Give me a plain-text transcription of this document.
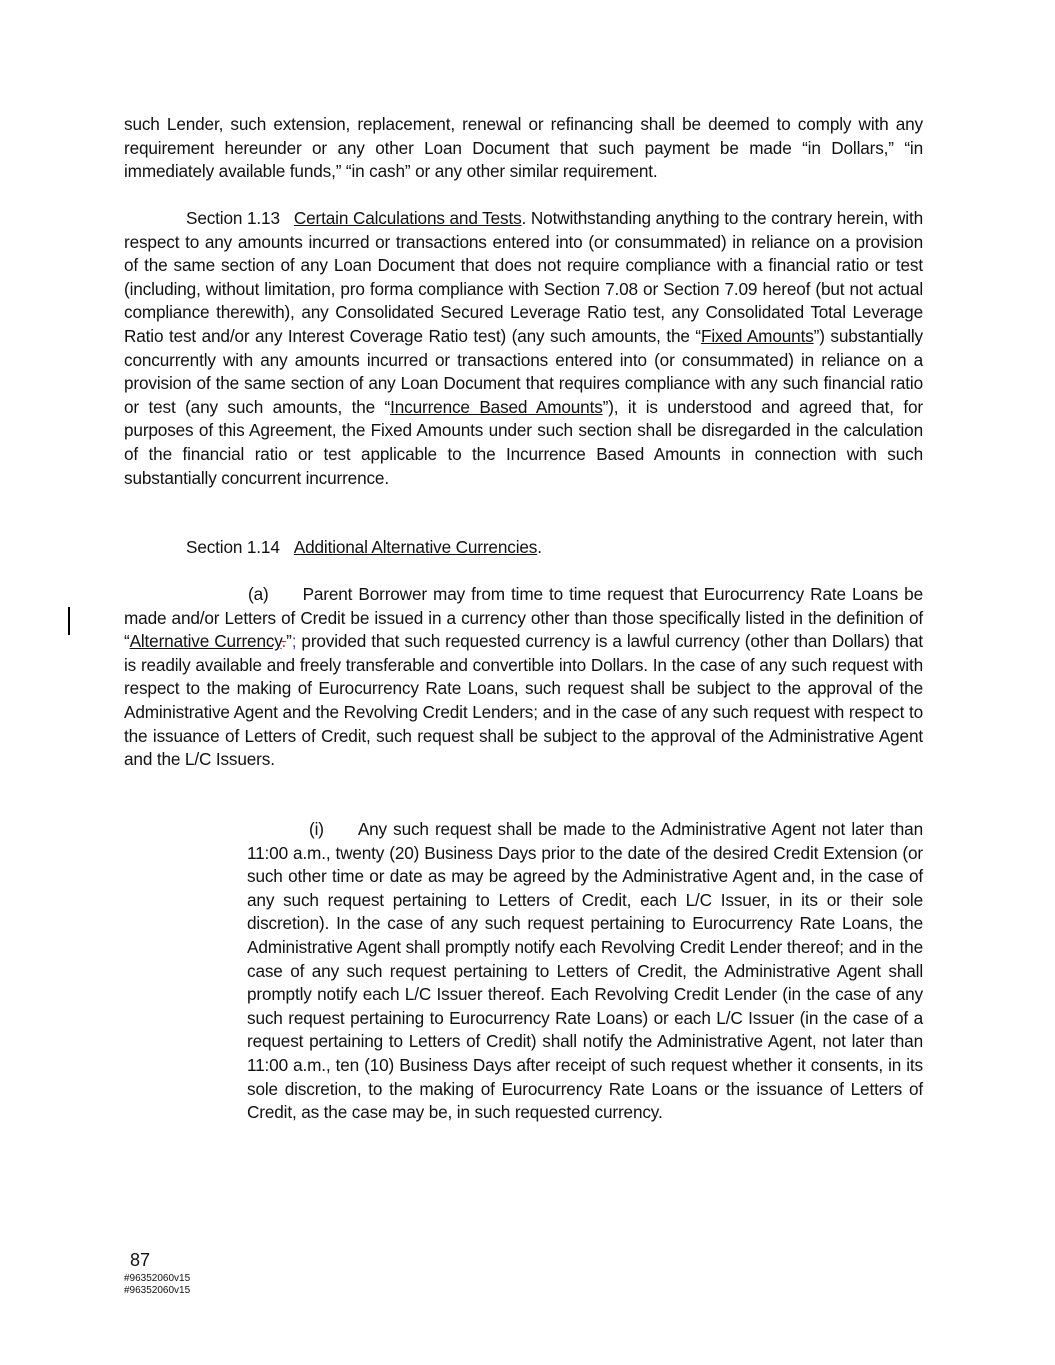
such Lender, such extension, replacement, renewal or refinancing shall be deemed to comply with any requirement hereunder or any other Loan Document that such payment be made “in Dollars,” “in immediately available funds,” “in cash” or any other similar requirement.

Section 1.13 Certain Calculations and Tests. Notwithstanding anything to the contrary herein, with respect to any amounts incurred or transactions entered into (or consummated) in reliance on a provision of the same section of any Loan Document that does not require compliance with a financial ratio or test (including, without limitation, pro forma compliance with Section 7.08 or Section 7.09 hereof (but not actual compliance therewith), any Consolidated Secured Leverage Ratio test, any Consolidated Total Leverage Ratio test and/or any Interest Coverage Ratio test) (any such amounts, the “Fixed Amounts”) substantially concurrently with any amounts incurred or transactions entered into (or consummated) in reliance on a provision of the same section of any Loan Document that requires compliance with any such financial ratio or test (any such amounts, the “Incurrence Based Amounts”), it is understood and agreed that, for purposes of this Agreement, the Fixed Amounts under such section shall be disregarded in the calculation of the financial ratio or test applicable to the Incurrence Based Amounts in connection with such substantially concurrent incurrence.

Section 1.14 Additional Alternative Currencies.

(a) Parent Borrower may from time to time request that Eurocurrency Rate Loans be made and/or Letters of Credit be issued in a currency other than those specifically listed in the definition of “Alternative Currency.”; provided that such requested currency is a lawful currency (other than Dollars) that is readily available and freely transferable and convertible into Dollars. In the case of any such request with respect to the making of Eurocurrency Rate Loans, such request shall be subject to the approval of the Administrative Agent and the Revolving Credit Lenders; and in the case of any such request with respect to the issuance of Letters of Credit, such request shall be subject to the approval of the Administrative Agent and the L/C Issuers.

(i) Any such request shall be made to the Administrative Agent not later than 11:00 a.m., twenty (20) Business Days prior to the date of the desired Credit Extension (or such other time or date as may be agreed by the Administrative Agent and, in the case of any such request pertaining to Letters of Credit, each L/C Issuer, in its or their sole discretion). In the case of any such request pertaining to Eurocurrency Rate Loans, the Administrative Agent shall promptly notify each Revolving Credit Lender thereof; and in the case of any such request pertaining to Letters of Credit, the Administrative Agent shall promptly notify each L/C Issuer thereof. Each Revolving Credit Lender (in the case of any such request pertaining to Eurocurrency Rate Loans) or each L/C Issuer (in the case of a request pertaining to Letters of Credit) shall notify the Administrative Agent, not later than 11:00 a.m., ten (10) Business Days after receipt of such request whether it consents, in its sole discretion, to the making of Eurocurrency Rate Loans or the issuance of Letters of Credit, as the case may be, in such requested currency.

87
#96352060v15
#96352060v15
